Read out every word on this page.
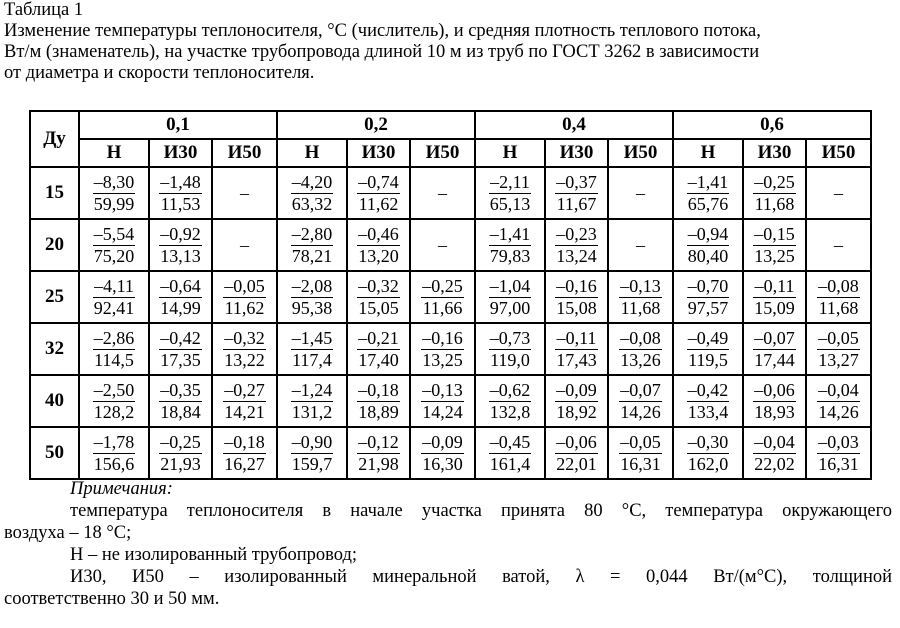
Таблица 1
Изменение температуры теплоносителя, °С (числитель), и средняя плотность теплового потока,
Вт/м (знаменатель), на участке трубопровода длиной 10 м из труб по ГОСТ 3262 в зависимости
от диаметра и скорости теплоносителя.
Ду	0,1			0,2			0,4			0,6		
	Н	И30	И50	Н	И30	И50	Н	И30	И50	Н	И30	И50
15	$\frac{-8,30}{59,99}$	$\frac{-1,48}{11,53}$	–	$\frac{-4,20}{63,32}$	$\frac{-0,74}{11,62}$	–	$\frac{-2,11}{65,13}$	$\frac{-0,37}{11,67}$	–	$\frac{-1,41}{65,76}$	$\frac{-0,25}{11,68}$	–
20	$\frac{-5,54}{75,20}$	$\frac{-0,92}{13,13}$	–	$\frac{-2,80}{78,21}$	$\frac{-0,46}{13,20}$	–	$\frac{-1,41}{79,83}$	$\frac{-0,23}{13,24}$	–	$\frac{-0,94}{80,40}$	$\frac{-0,15}{13,25}$	–
25	$\frac{-4,11}{92,41}$	$\frac{-0,64}{14,99}$	$\frac{-0,05}{11,62}$	$\frac{-2,08}{95,38}$	$\frac{-0,32}{15,05}$	$\frac{-0,25}{11,66}$	$\frac{-1,04}{97,00}$	$\frac{-0,16}{15,08}$	$\frac{-0,13}{11,68}$	$\frac{-0,70}{97,57}$	$\frac{-0,11}{15,09}$	$\frac{-0,08}{11,68}$

32	$\frac{-2,86}{114,5}$	$\frac{-0,42}{17,35}$	$\frac{-0,32}{13,22}$	$\frac{-1,45}{117,4}$	$\frac{-0,21}{17,40}$	$\frac{-0,16}{13,25}$	$\frac{-0,73}{119,0}$	$\frac{-0,11}{17,43}$	$\frac{-0,08}{13,26}$	$\frac{-0,49}{119,5}$	$\frac{-0,07}{17,44}$	$\frac{-0,05}{13,27}$

40	$\frac{-2,50}{128,2}$	$\frac{-0,35}{18,84}$	$\frac{-0,27}{14,21}$	$\frac{-1,24}{131,2}$	$\frac{-0,18}{18,89}$	$\frac{-0,13}{14,24}$	$\frac{-0,62}{132,8}$	$\frac{-0,09}{18,92}$	$\frac{-0,07}{14,26}$	$\frac{-0,42}{133,4}$	$\frac{-0,06}{18,93}$	$\frac{-0,04}{14,26}$

50	$\frac{-1,78}{156,6}$	$\frac{-0,25}{21,93}$	$\frac{-0,18}{16,27}$	$\frac{-0,90}{159,7}$	$\frac{-0,12}{21,98}$	$\frac{-0,09}{16,30}$	$\frac{-0,45}{161,4}$	$\frac{-0,06}{22,01}$	$\frac{-0,05}{16,31}$	$\frac{-0,30}{162,0}$	$\frac{-0,04}{22,02}$	$\frac{-0,03}{16,31}$
Примечания:
температура теплоносителя в начале участка принята 80 °С, температура окружающего
воздуха – 18 °С;
Н – не изолированный трубопровод;
И30, И50 – изолированный минеральной ватой, λ = 0,044 Вт/(м°С), толщиной
соответственно 30 и 50 мм.
